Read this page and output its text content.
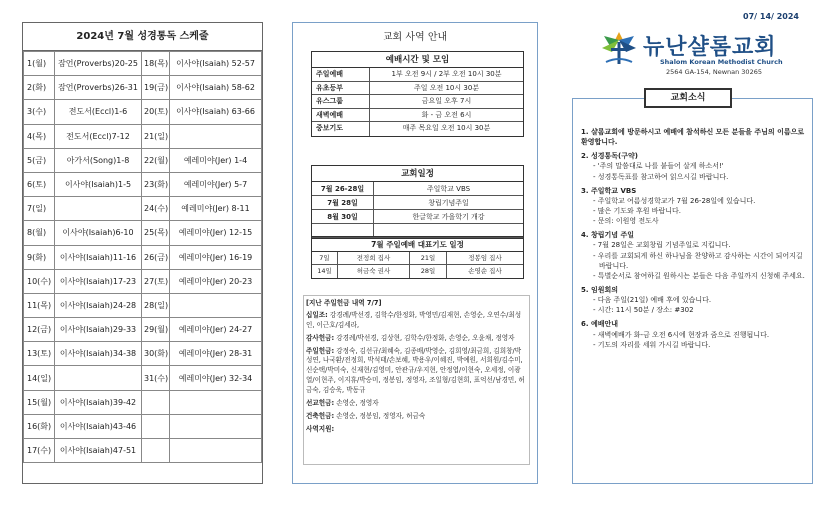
2024년 7월 성경통독 스케줄
1(월)	잠언(Proverbs)20-25	18(목)	이사야(Isaiah) 52-57
2(화)	잠언(Proverbs)26-31	19(금)	이사야(Isaiah) 58-62
3(수)	전도서(Eccl)1-6	20(토)	이사야(Isaiah) 63-66
4(목)	전도서(Eccl)7-12	21(일)	
5(금)	아가서(Song)1-8	22(월)	예레미야(Jer) 1-4
6(토)	이사야(Isaiah)1-5	23(화)	예레미야(Jer) 5-7
7(일)		24(수)	예레미야(Jer) 8-11
8(월)	이사야(Isaiah)6-10	25(목)	예레미야(Jer) 12-15
9(화)	이사야(Isaiah)11-16	26(금)	예레미야(Jer) 16-19
10(수)	이사야(Isaiah)17-23	27(토)	예레미야(Jer) 20-23
11(목)	이사야(Isaiah)24-28	28(일)	
12(금)	이사야(Isaiah)29-33	29(월)	예레미야(Jer) 24-27
13(토)	이사야(Isaiah)34-38	30(화)	예레미야(Jer) 28-31
14(일)		31(수)	예레미야(Jer) 32-34
15(월)	이사야(Isaiah)39-42		
16(화)	이사야(Isaiah)43-46		
17(수)	이사야(Isaiah)47-51		
교회 사역 안내
예배시간 및 모임
주일예배	1부 오전 9시 / 2부 오전 10시 30분
유초등부	주일 오전 10시 30분
유스그룹	금요일 오후 7시
새벽예배	화 - 금 오전 6시
중보기도	매주 목요일 오전 10시 30분
교회일정
7월 26-28일	주일학교 VBS
7월 28일	창립기념주일
8월 30일	한글학교 가을학기 개강
7월 주일예배 대표기도 일정
7일	전정희 집사	21일	정봉임 집사
14일	허금숙 권사	28일	손영순 집사
[지난 주일헌금 내역 7/7]
십일조: 강경례/박선경, 김학수/한정화, 박영민/김재현, 손영순, 오연수/최성인, 이근호/김세라,
감사헌금: 강경례/박선경, 김상현, 김학수/한정화, 손영순, 오윤채, 정영자
주일헌금: 강정숙, 김선규/최혜숙, 김종배/박영순, 김희영/최금희, 김희창/박성연, 나국환/전정희, 박석태/손보혜, 박용우/이혜진, 박예원, 서희원/김수미, 신순택/박미숙, 신재현/김영미, 안관규/우지현, 안정엽/이현숙, 오세정, 이광열/이현주, 이지휴/박승미, 정봉임, 정영자, 조일형/김현희, 표억선/남경민, 허금숙, 김승욱, 박동규
선교헌금: 손영순, 정영자
건축헌금: 손영순, 정봉임, 정영자, 허금숙
사역지원:
07/ 14/ 2024
뉴난샬롬교회
Shalom Korean Methodist Church
2564 GA-154, Newnan 30265
교회소식
1. 샬롬교회에 방문하시고 예배에 참석하신 모든 분들을 주님의 이름으로 환영합니다.
2. 성경통독(구약)
- '주의 말씀대로 나를 붙들어 살게 하소서!'
- 성경통독표를 참고하여 읽으시길 바랍니다.
3. 주일학교 VBS
- 주일학교 여름성경학교가 7월 26-28일에 있습니다.
- 많은 기도와 후원 바랍니다.
- 문의: 이원영 전도사
4. 창립기념 주일
- 7월 28일은 교회창립 기념주일로 지킵니다.
- 우리를 교회되게 하신 하나님을 찬양하고 감사하는 시간이 되어지길 바랍니다.
- 특별순서로 참여하길 원하시는 분들은 다음 주일까지 신청해 주세요.
5. 임원회의
- 다음 주일(21일) 예배 후에 있습니다.
- 시간: 11시 50분 / 장소: #302
6. 예배안내
- 새벽예배가 화-금 오전 6시에 현장과 줌으로 진행됩니다.
- 기도의 자리를 세워 가시길 바랍니다.
